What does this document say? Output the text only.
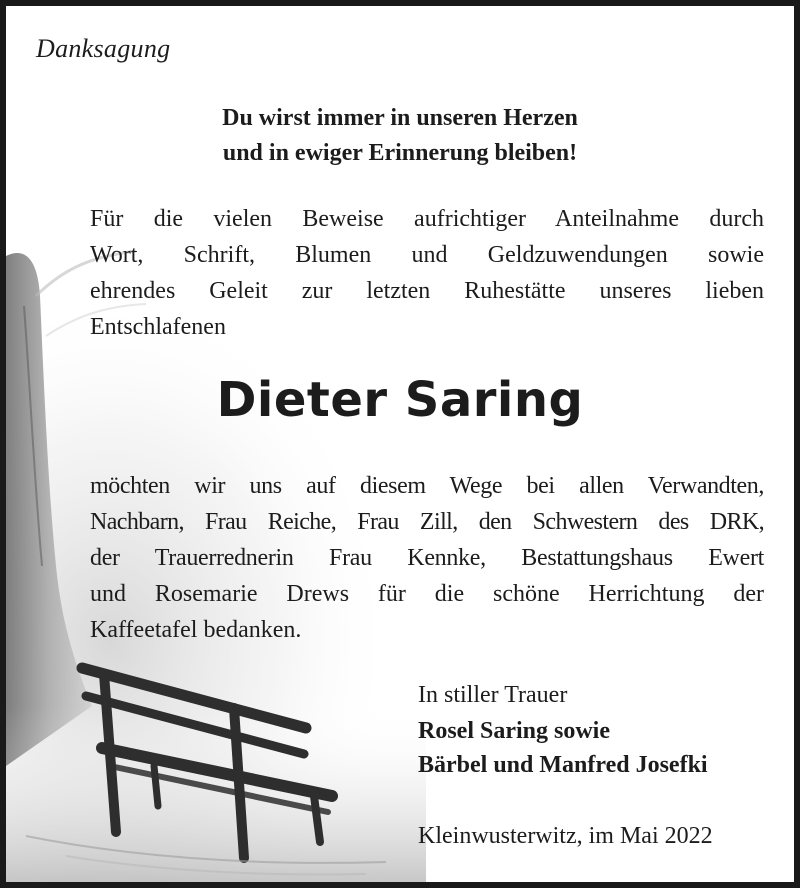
Danksagung

Du wirst immer in unseren Herzen

und in ewiger Erinnerung bleiben!

Für die vielen Beweise aufrichtiger Anteilnahme durch

Wort, Schrift, Blumen und Geldzuwendungen sowie

ehrendes Geleit zur letzten Ruhestätte unseres lieben

Entschlafenen

Dieter Saring

möchten wir uns auf diesem Wege bei allen Verwandten,

Nachbarn, Frau Reiche, Frau Zill, den Schwestern des DRK,

der Trauerrednerin Frau Kennke, Bestattungshaus Ewert

und Rosemarie Drews für die schöne Herrichtung der

Kaffeetafel bedanken.

In stiller Trauer

Rosel Saring sowie

Bärbel und Manfred Josefki

Kleinwusterwitz, im Mai 2022
